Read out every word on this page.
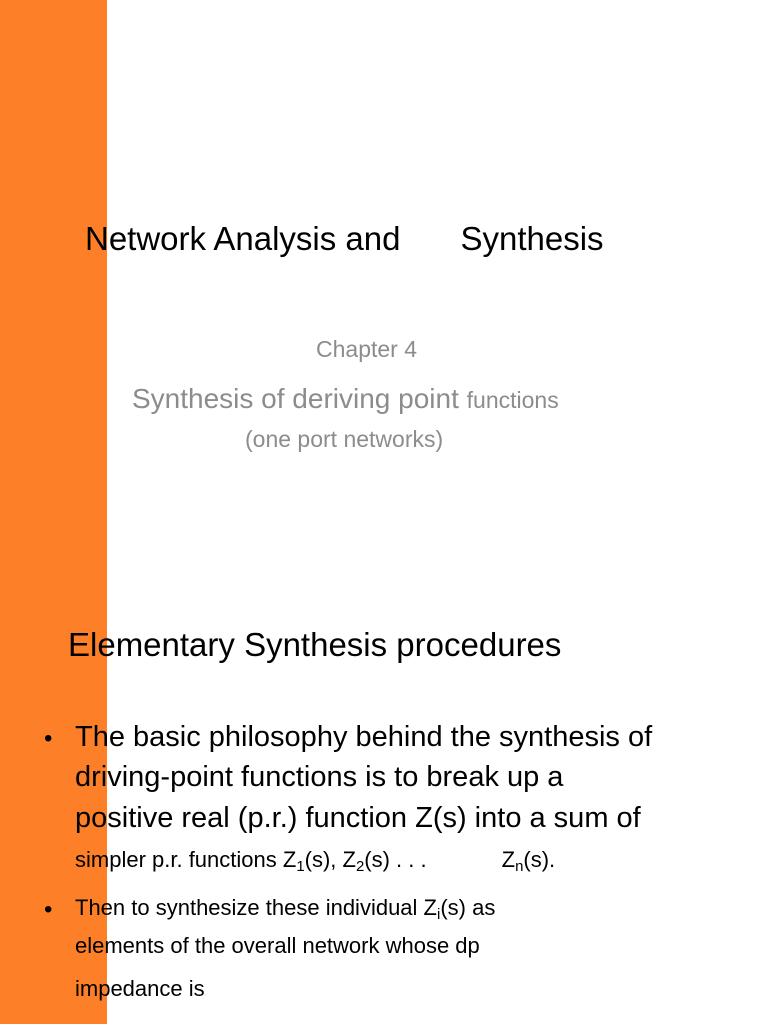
Network Analysis and Synthesis
Chapter 4
Synthesis of deriving point functions
(one port networks)
Elementary Synthesis procedures
• The basic philosophy behind the synthesis of
driving-point functions is to break up a
positive real (p.r.) function Z(s) into a sum of
simpler p.r. functions $Z_1(s)$, $Z_2(s)$ . . .	$Z_n(s)$.
• Then to synthesize these individual $Z_i(s)$ as
elements of the overall network whose dp
impedance is
